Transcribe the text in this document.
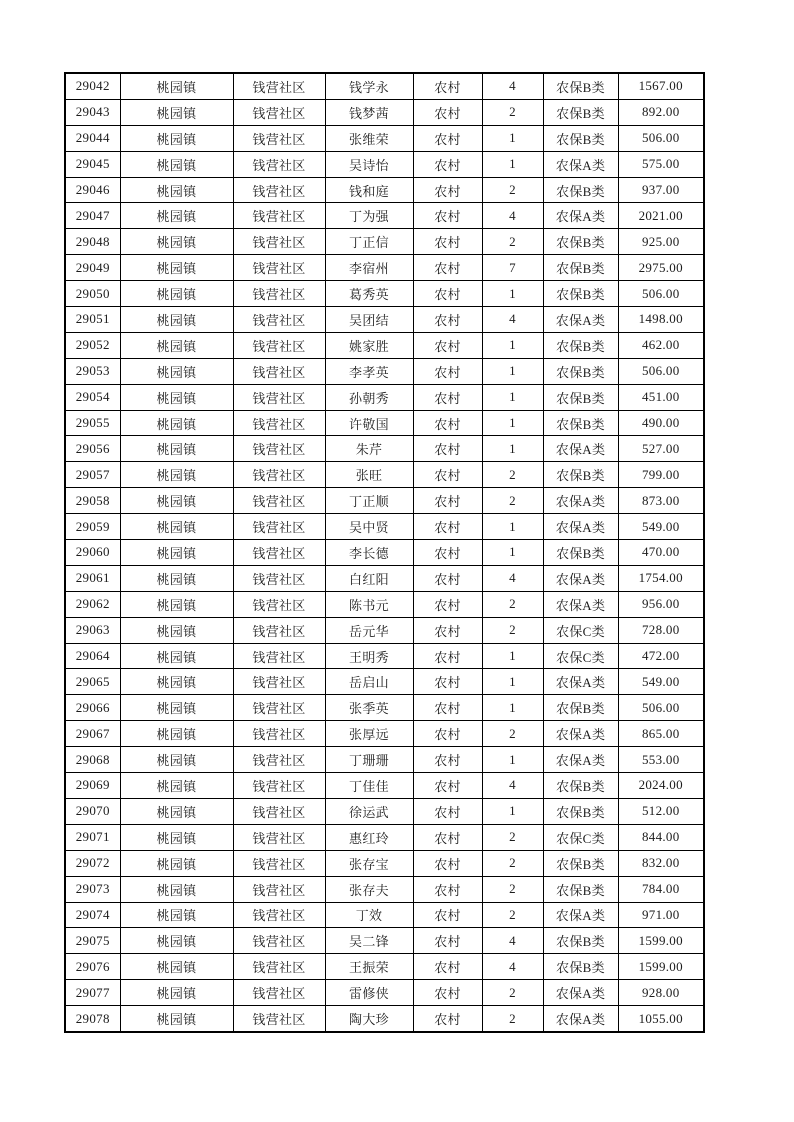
29042	桃园镇	钱营社区	钱学永	农村	4	农保B类	1567.00
29043	桃园镇	钱营社区	钱梦茜	农村	2	农保B类	892.00
29044	桃园镇	钱营社区	张维荣	农村	1	农保B类	506.00
29045	桃园镇	钱营社区	吴诗怡	农村	1	农保A类	575.00
29046	桃园镇	钱营社区	钱和庭	农村	2	农保B类	937.00
29047	桃园镇	钱营社区	丁为强	农村	4	农保A类	2021.00
29048	桃园镇	钱营社区	丁正信	农村	2	农保B类	925.00
29049	桃园镇	钱营社区	李宿州	农村	7	农保B类	2975.00
29050	桃园镇	钱营社区	葛秀英	农村	1	农保B类	506.00
29051	桃园镇	钱营社区	吴团结	农村	4	农保A类	1498.00
29052	桃园镇	钱营社区	姚家胜	农村	1	农保B类	462.00
29053	桃园镇	钱营社区	李孝英	农村	1	农保B类	506.00
29054	桃园镇	钱营社区	孙朝秀	农村	1	农保B类	451.00
29055	桃园镇	钱营社区	许敬国	农村	1	农保B类	490.00
29056	桃园镇	钱营社区	朱芹	农村	1	农保A类	527.00
29057	桃园镇	钱营社区	张旺	农村	2	农保B类	799.00
29058	桃园镇	钱营社区	丁正顺	农村	2	农保A类	873.00
29059	桃园镇	钱营社区	吴中贤	农村	1	农保A类	549.00
29060	桃园镇	钱营社区	李长德	农村	1	农保B类	470.00
29061	桃园镇	钱营社区	白红阳	农村	4	农保A类	1754.00
29062	桃园镇	钱营社区	陈书元	农村	2	农保A类	956.00
29063	桃园镇	钱营社区	岳元华	农村	2	农保C类	728.00
29064	桃园镇	钱营社区	王明秀	农村	1	农保C类	472.00
29065	桃园镇	钱营社区	岳启山	农村	1	农保A类	549.00
29066	桃园镇	钱营社区	张季英	农村	1	农保B类	506.00
29067	桃园镇	钱营社区	张厚远	农村	2	农保A类	865.00
29068	桃园镇	钱营社区	丁珊珊	农村	1	农保A类	553.00
29069	桃园镇	钱营社区	丁佳佳	农村	4	农保B类	2024.00
29070	桃园镇	钱营社区	徐运武	农村	1	农保B类	512.00
29071	桃园镇	钱营社区	惠红玲	农村	2	农保C类	844.00
29072	桃园镇	钱营社区	张存宝	农村	2	农保B类	832.00
29073	桃园镇	钱营社区	张存夫	农村	2	农保B类	784.00
29074	桃园镇	钱营社区	丁效	农村	2	农保A类	971.00
29075	桃园镇	钱营社区	吴二锋	农村	4	农保B类	1599.00
29076	桃园镇	钱营社区	王振荣	农村	4	农保B类	1599.00
29077	桃园镇	钱营社区	雷修侠	农村	2	农保A类	928.00
29078	桃园镇	钱营社区	陶大珍	农村	2	农保A类	1055.00
